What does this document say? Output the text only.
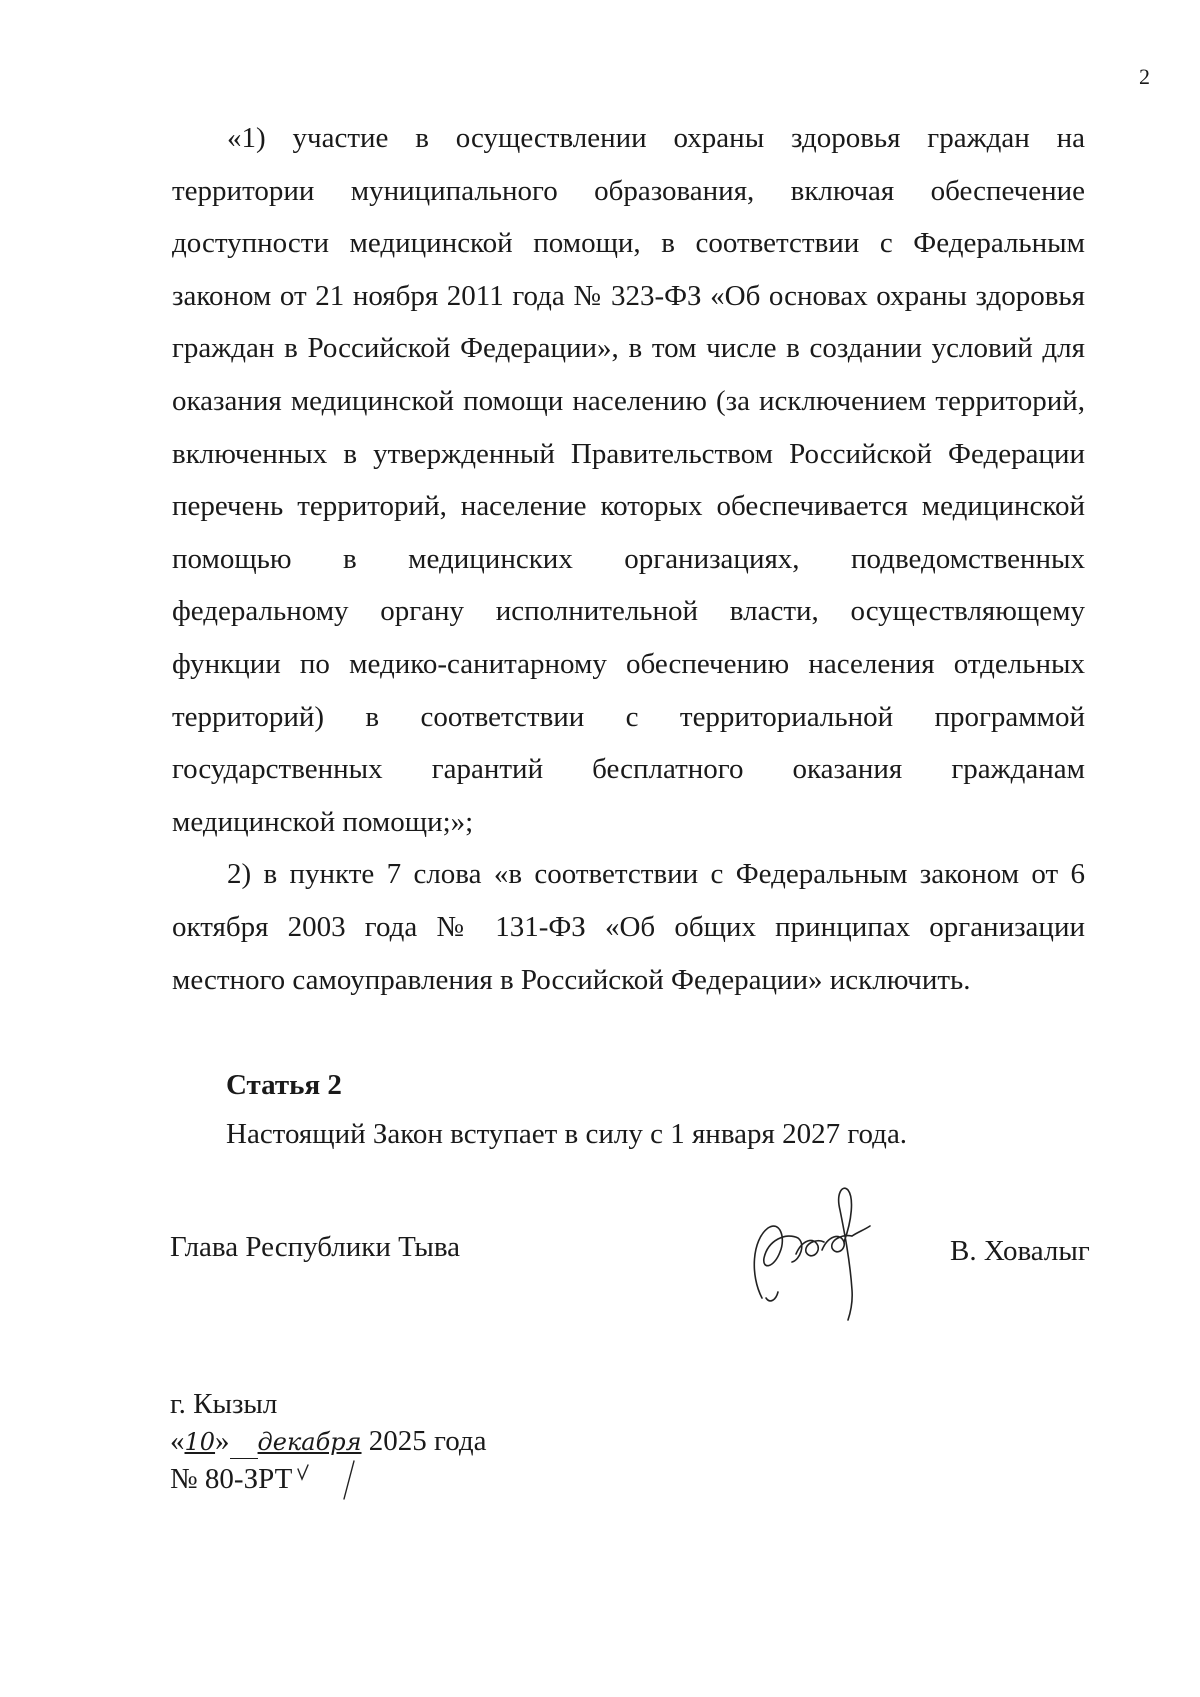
2

«1) участие в осуществлении охраны здоровья граждан на территории муниципального образования, включая обеспечение доступности медицинской помощи, в соответствии с Федеральным законом от 21 ноября 2011 года № 323-ФЗ «Об основах охраны здоровья граждан в Российской Федерации», в том числе в создании условий для оказания медицинской помощи населению (за исключением территорий, включенных в утвержденный Правительством Российской Федерации перечень территорий, население которых обеспечивается медицинской помощью в медицинских организациях, подведомственных федеральному органу исполнительной власти, осуществляющему функции по медико-санитарному обеспечению населения отдельных территорий) в соответствии с территориальной программой государственных гарантий бесплатного оказания гражданам медицинской помощи;»;

2) в пункте 7 слова «в соответствии с Федеральным законом от 6 октября 2003 года № 131-ФЗ «Об общих принципах организации местного самоуправления в Российской Федерации» исключить.

Статья 2
Настоящий Закон вступает в силу с 1 января 2027 года.
Глава Республики Тыва	В. Ховалыг
г. Кызыл
«10» декабря 2025 года
№ 80-ЗРТ
